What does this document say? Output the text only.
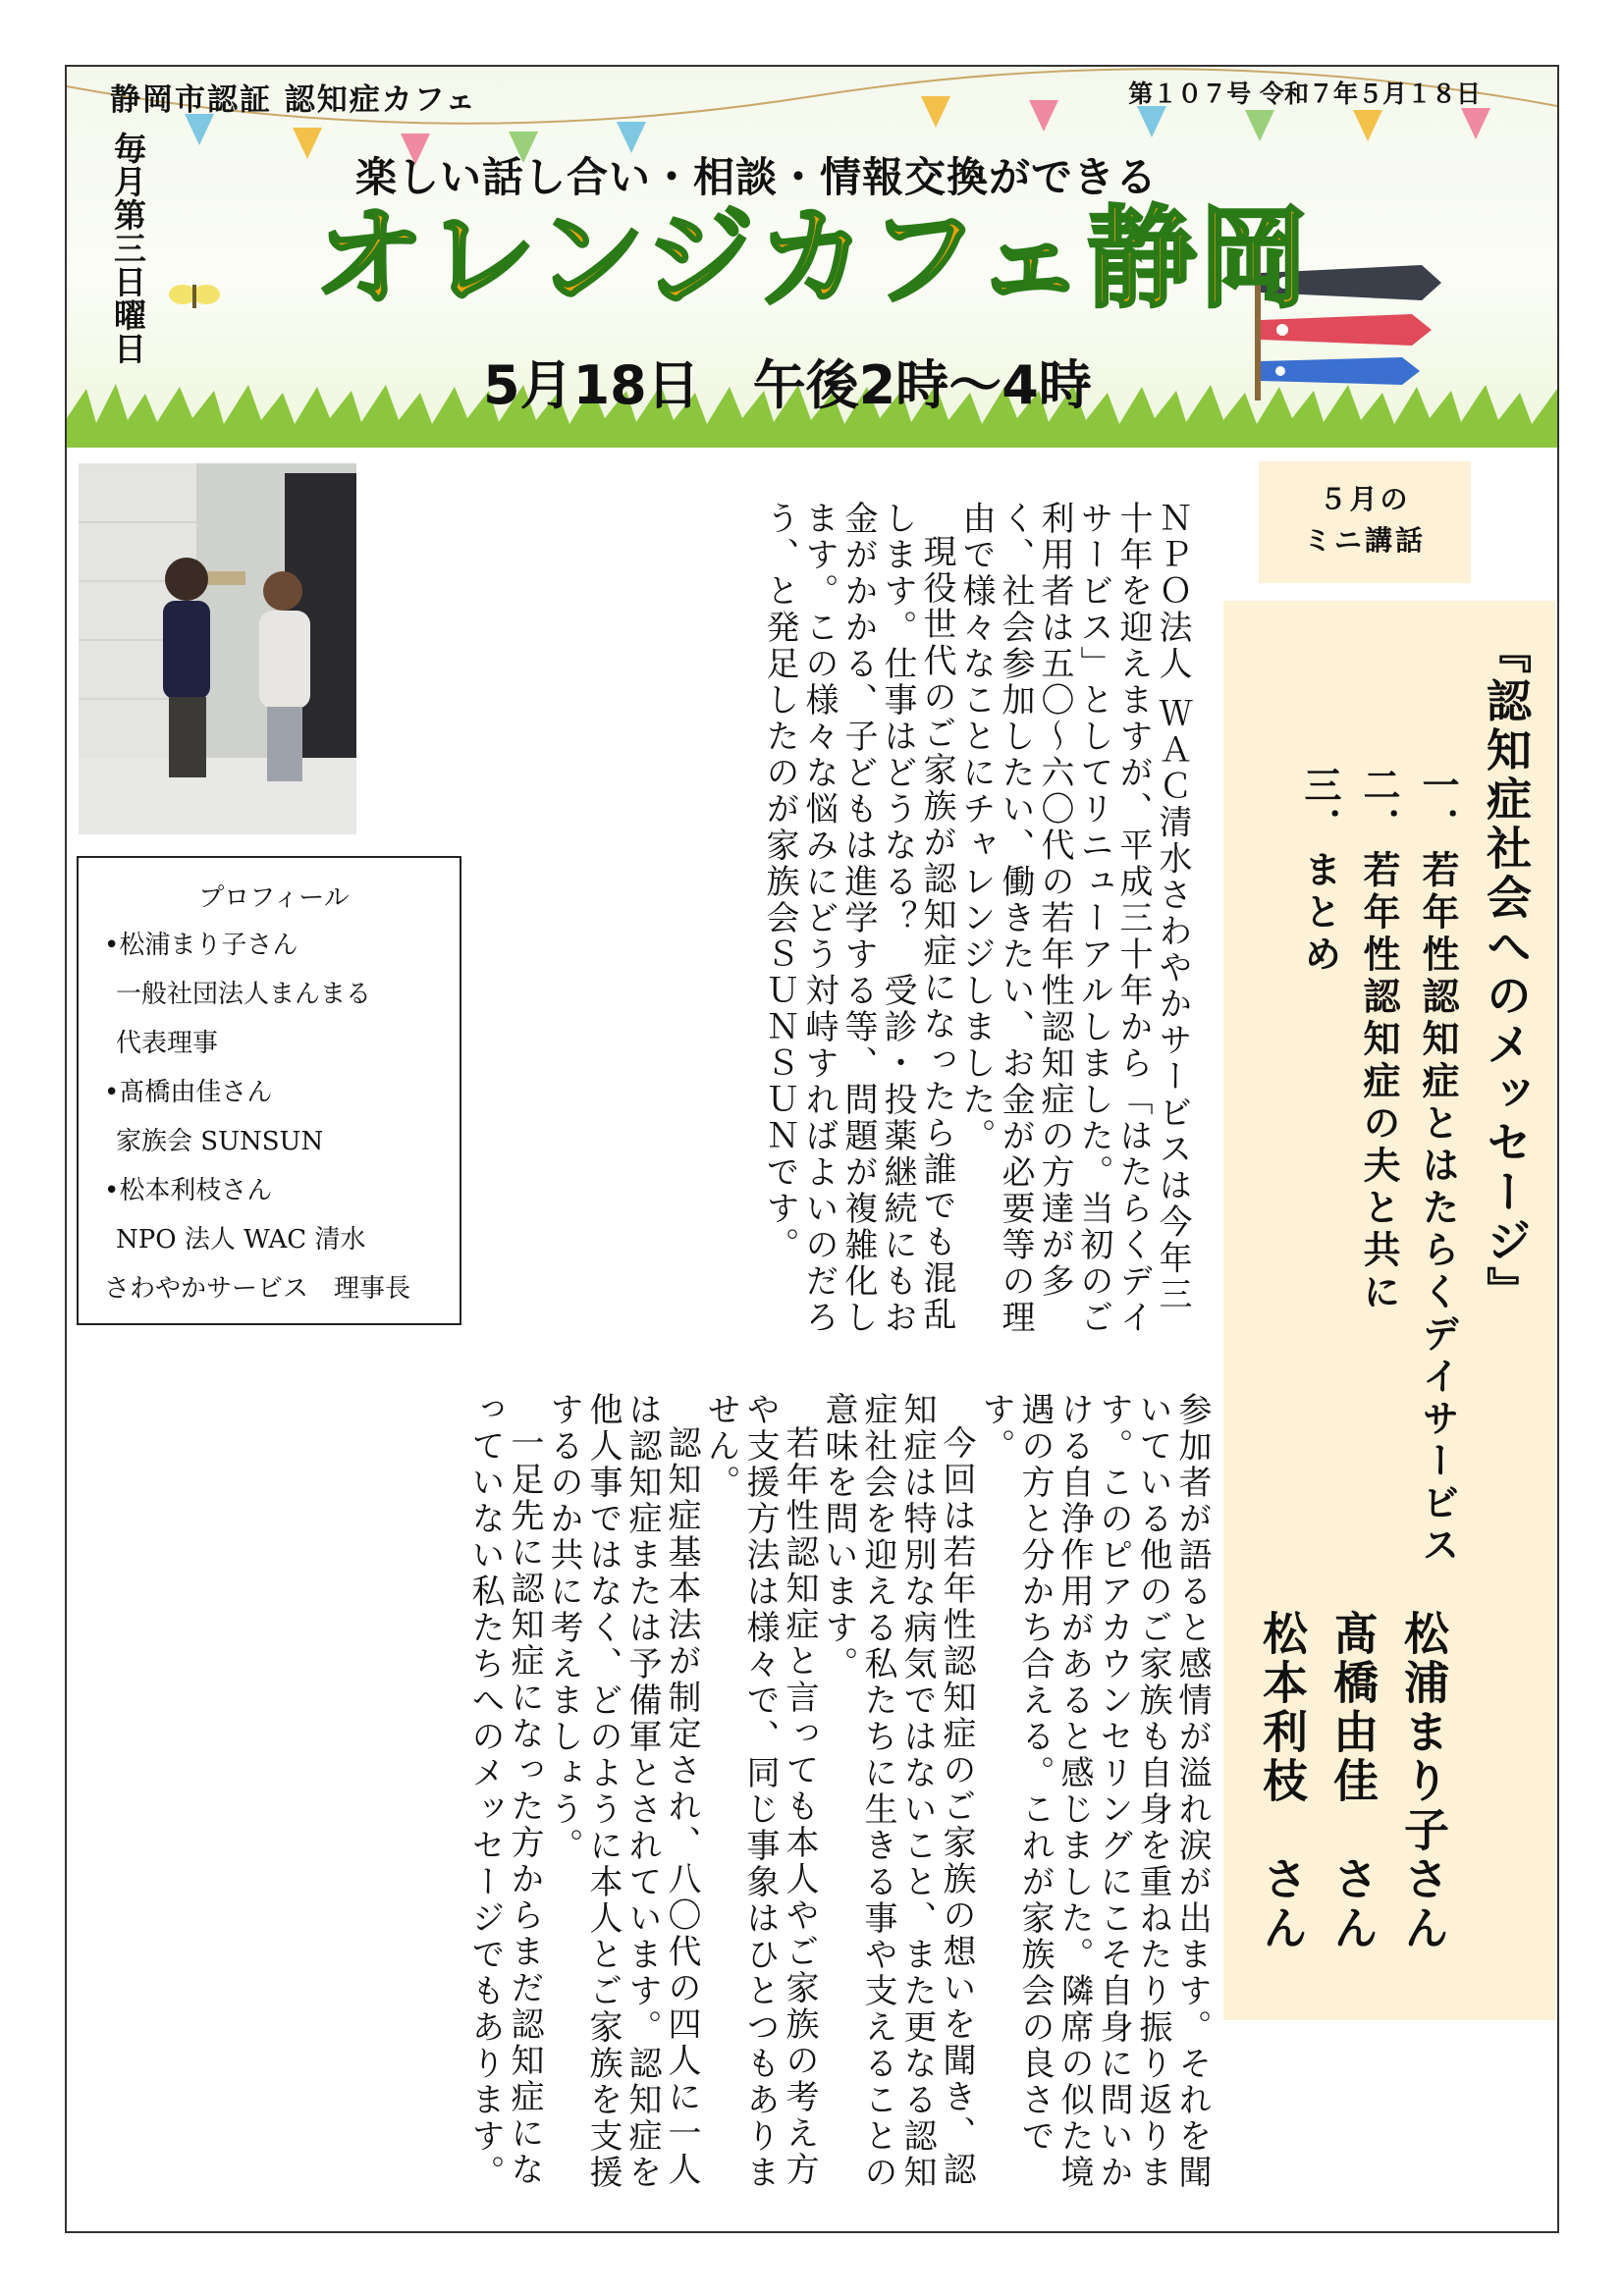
静岡市認証 認知症カフェ	第１０７号 令和７年５月１８日
毎月第三日曜日	楽しい話し合い・相談・情報交換ができる
オレンジカフェ静岡
5月18日　午後2時～4時
プロフィール
•松浦まり子さん
一般社団法人まんまる
代表理事
•髙橋由佳さん
家族会 SUNSUN
•松本利枝さん
NPO 法人 WAC 清水
さわやかサービス　理事長	ＮＰＯ法人 ＷＡＣ清水さわやかサービスは今年三十年を迎えますが、平成三十年から「はたらくデイサービス」としてリニューアルしました。当初のご利用者は五〇～六〇代の若年性認知症の方達が多く、社会参加したい、働きたい、お金が必要等の理由で様々なことにチャレンジしました。

現役世代のご家族が認知症になったら誰でも混乱します。仕事はどうなる？　受診・投薬継続にもお金がかかる、子どもは進学する等、問題が複雑化します。この様々な悩みにどう対峙すればよいのだろう、と発足したのが家族会ＳＵＮＳＵＮです。

参加者が語ると感情が溢れ涙が出ます。それを聞いている他のご家族も自身を重ねたり振り返ります。このピアカウンセリングにこそ自身に問いかける自浄作用があると感じました。隣席の似た境遇の方と分かち合える。これが家族会の良さです。

今回は若年性認知症のご家族の想いを聞き、認知症は特別な病気ではないこと、また更なる認知症社会を迎える私たちに生きる事や支えることの意味を問います。

若年性認知症と言っても本人やご家族の考え方や支援方法は様々で、同じ事象はひとつもありません。

認知症基本法が制定され、八〇代の四人に一人は認知症または予備軍とされています。認知症を他人事ではなく、どのように本人とご家族を支援するのか共に考えましょう。

一足先に認知症になった方からまだ認知症になっていない私たちへのメッセージでもあります。

５月の
ミニ講話
『認知症社会へのメッセージ』
一．若年性認知症とはたらくデイサービス
二．若年性認知症の夫と共に
三．まとめ
松浦まり子さん
髙橋由佳　さん
松本利枝　さん
